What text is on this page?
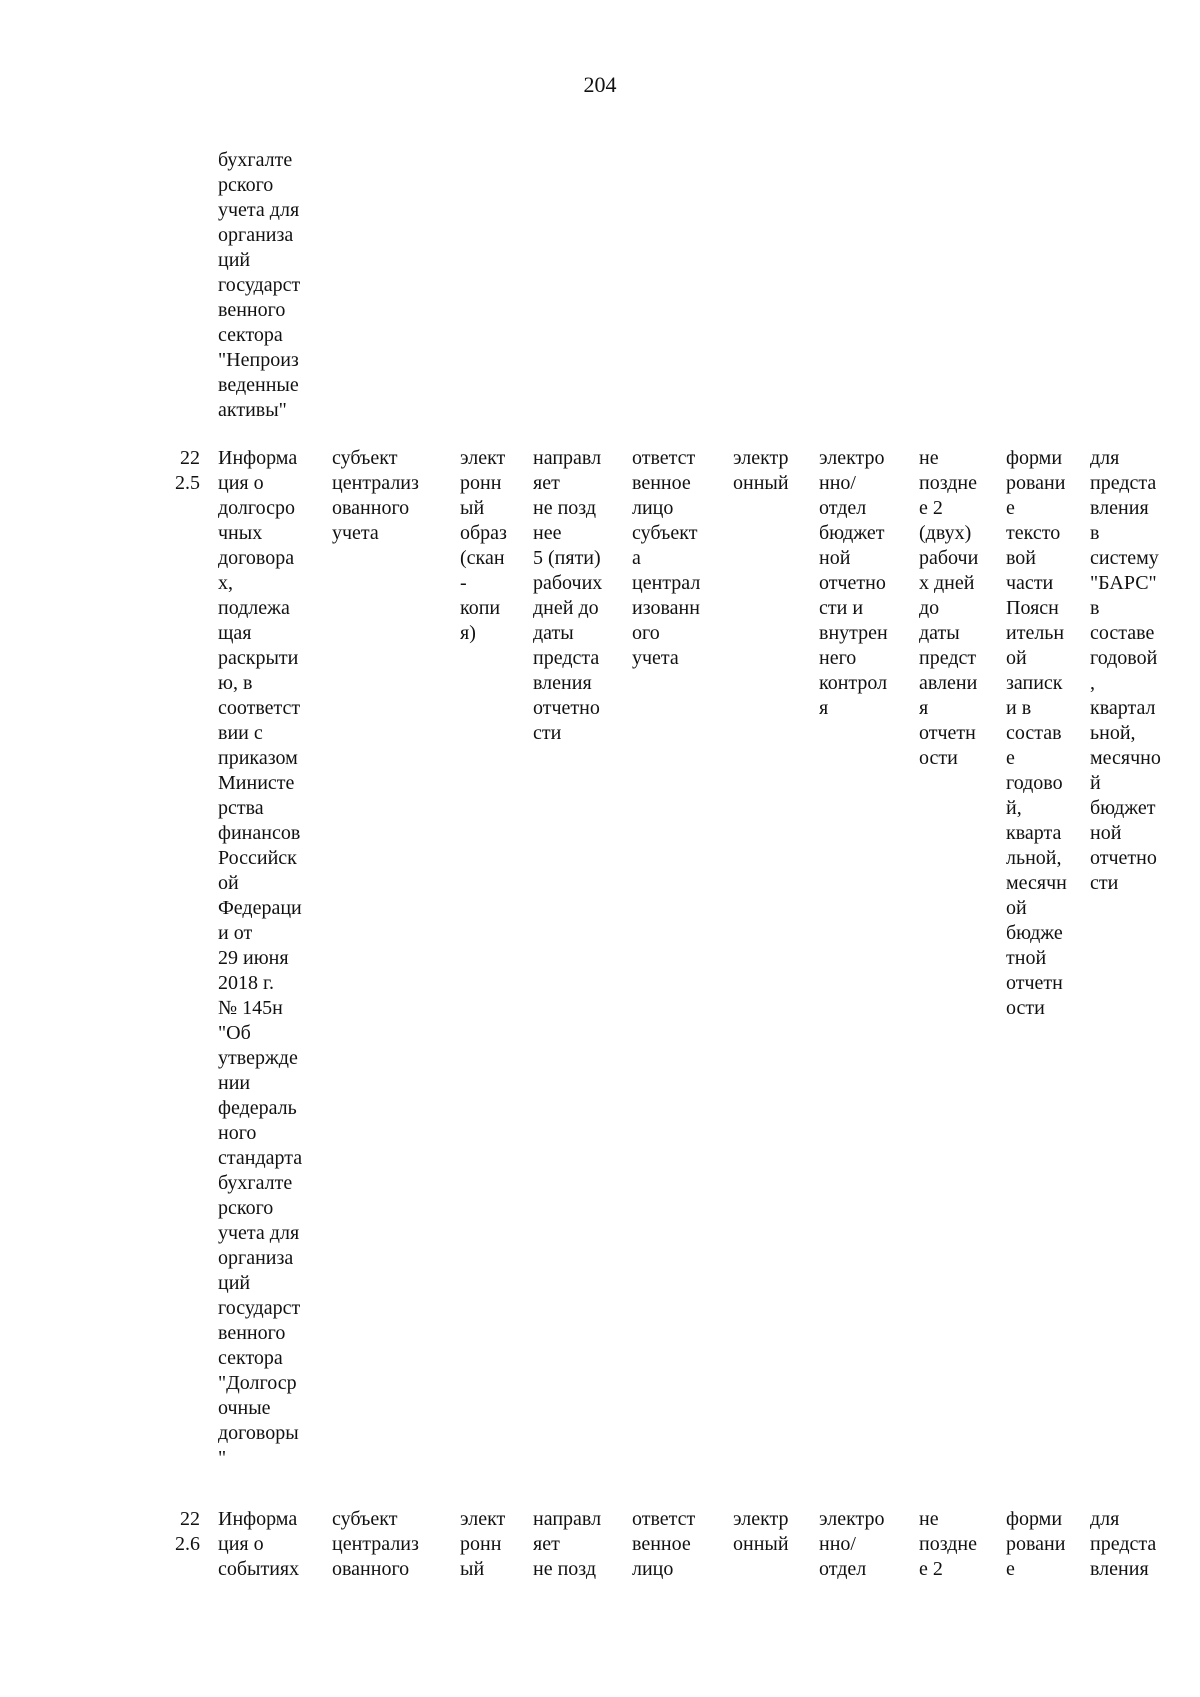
204
бухгалте
рского
учета для
организа
ций
государст
венного
сектора
"Непроиз
веденные
активы"
22
2.5
Информа
ция о
долгосро
чных
договора
х,
подлежа
щая
раскрыти
ю, в
соответст
вии с
приказом
Министе
рства
финансов
Российск
ой
Федераци
и от
29 июня
2018 г.
№ 145н
"Об
утвержде
нии
федераль
ного
стандарта
бухгалте
рского
учета для
организа
ций
государст
венного
сектора
"Долгоср
очные
договоры
"
субъект
централиз
ованного
учета
элект
ронн
ый
образ
(скан
-
копи
я)
направл
яет
не позд
нее
5 (пяти)
рабочих
дней до
даты
предста
вления
отчетно
сти
ответст
венное
лицо
субъект
а
централ
изованн
ого
учета
электр
онный
электро
нно/
отдел
бюджет
ной
отчетно
сти и
внутрен
него
контрол
я
не
поздне
е 2
(двух)
рабочи
х дней
до
даты
предст
авлени
я
отчетн
ости
форми
ровани
е
тексто
вой
части
Поясн
ительн
ой
записк
и в
состав
е
годово
й,
кварта
льной,
месячн
ой
бюдже
тной
отчетн
ости
для
предста
вления
в
систему
"БАРС"
в
составе
годовой
,
квартал
ьной,
месячно
й
бюджет
ной
отчетно
сти
22
2.6
Информа
ция о
событиях
субъект
централиз
ованного
элект
ронн
ый
направл
яет
не позд
ответст
венное
лицо
электр
онный
электро
нно/
отдел
не
поздне
е 2
форми
ровани
е
для
предста
вления
